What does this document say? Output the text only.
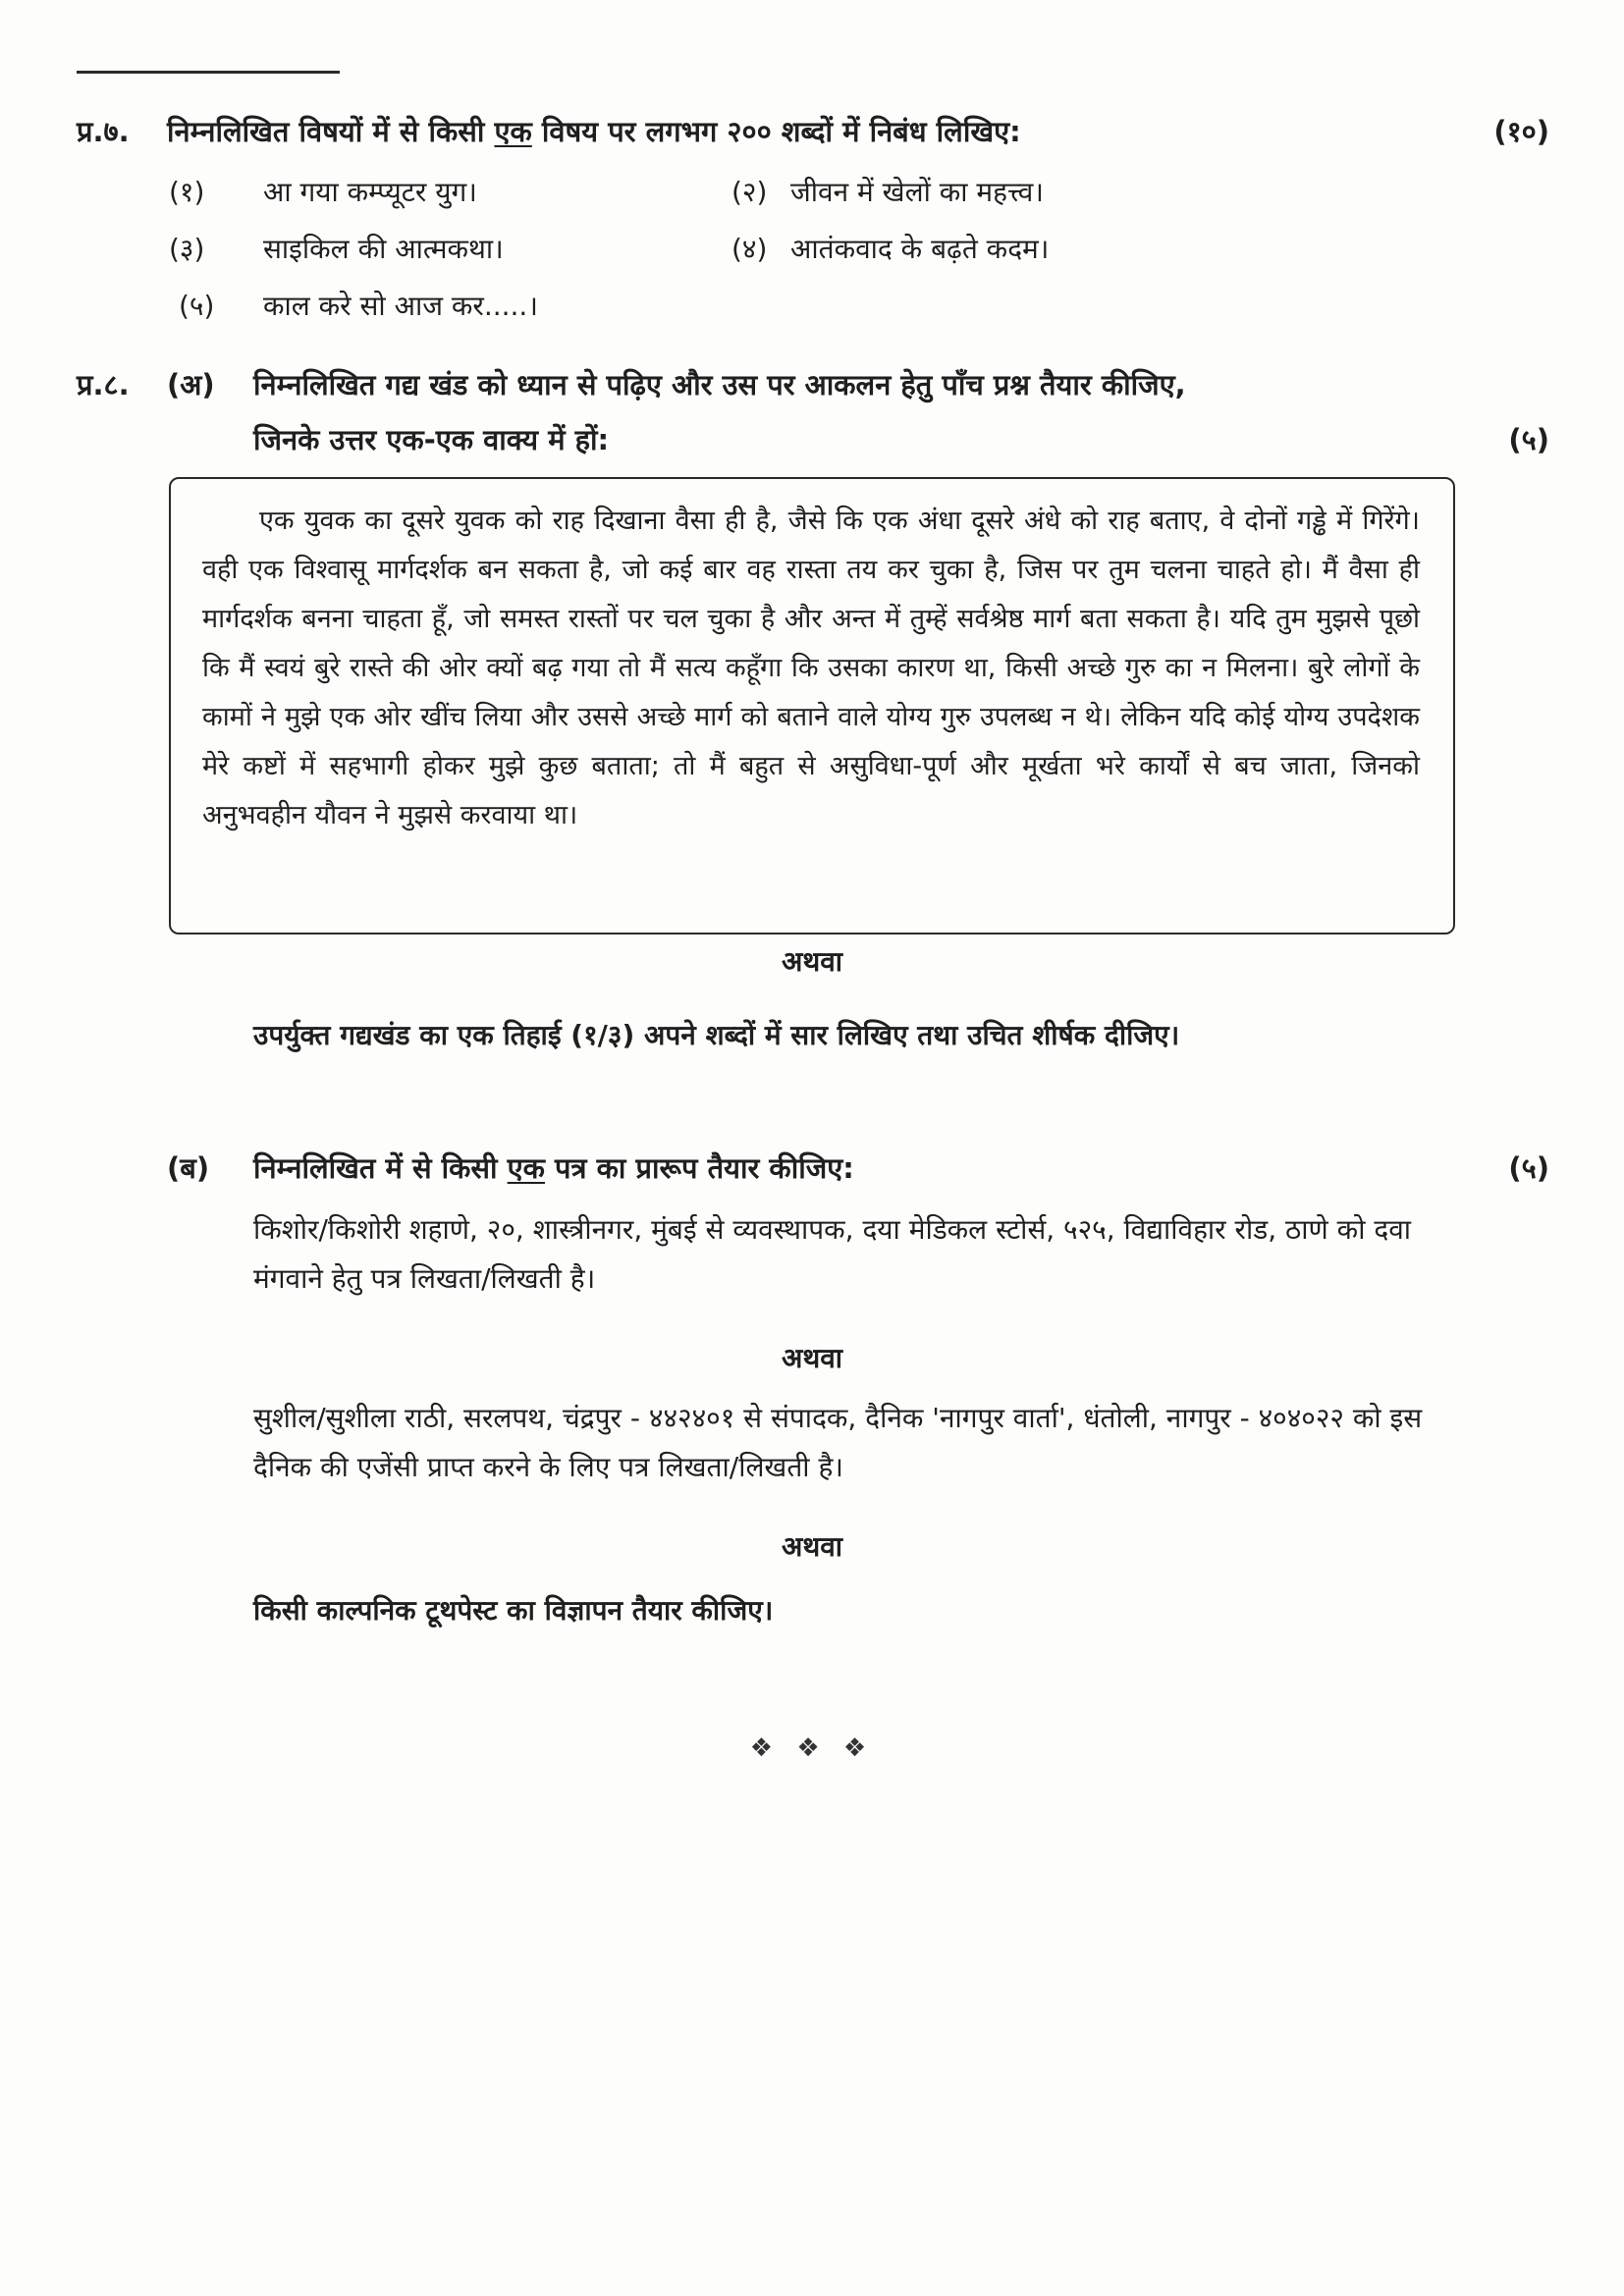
प्र.७.	निम्नलिखित विषयों में से किसी एक विषय पर लगभग २०० शब्दों में निबंध लिखिए:	(१०)
(१)	आ गया कम्प्यूटर युग।	(२) जीवन में खेलों का महत्त्व।
(३)	साइकिल की आत्मकथा।	(४) आतंकवाद के बढ़ते कदम।
(५)	काल करे सो आज कर.....।
प्र.८.	(अ)	निम्नलिखित गद्य खंड को ध्यान से पढ़िए और उस पर आकलन हेतु पाँच प्रश्न तैयार कीजिए,
जिनके उत्तर एक-एक वाक्य में हों:	(५)

एक युवक का दूसरे युवक को राह दिखाना वैसा ही है, जैसे कि एक अंधा दूसरे अंधे को राह बताए, वे दोनों गड्ढे में गिरेंगे। वही एक विश्वासू मार्गदर्शक बन सकता है, जो कई बार वह रास्ता तय कर चुका है, जिस पर तुम चलना चाहते हो। मैं वैसा ही मार्गदर्शक बनना चाहता हूँ, जो समस्त रास्तों पर चल चुका है और अन्त में तुम्हें सर्वश्रेष्ठ मार्ग बता सकता है। यदि तुम मुझसे पूछो कि मैं स्वयं बुरे रास्ते की ओर क्यों बढ़ गया तो मैं सत्य कहूँगा कि उसका कारण था, किसी अच्छे गुरु का न मिलना। बुरे लोगों के कामों ने मुझे एक ओर खींच लिया और उससे अच्छे मार्ग को बताने वाले योग्य गुरु उपलब्ध न थे। लेकिन यदि कोई योग्य उपदेशक मेरे कष्टों में सहभागी होकर मुझे कुछ बताता; तो मैं बहुत से असुविधा-पूर्ण और मूर्खता भरे कार्यों से बच जाता, जिनको अनुभवहीन यौवन ने मुझसे करवाया था।

अथवा

उपर्युक्त गद्यखंड का एक तिहाई (१/३) अपने शब्दों में सार लिखिए तथा उचित शीर्षक दीजिए।

(ब)	निम्नलिखित में से किसी एक पत्र का प्रारूप तैयार कीजिए:	(५)

किशोर/किशोरी शहाणे, २०, शास्त्रीनगर, मुंबई से व्यवस्थापक, दया मेडिकल स्टोर्स, ५२५, विद्याविहार रोड, ठाणे को दवा मंगवाने हेतु पत्र लिखता/लिखती है।

अथवा

सुशील/सुशीला राठी, सरलपथ, चंद्रपुर - ४४२४०१ से संपादक, दैनिक 'नागपुर वार्ता', धंतोली, नागपुर - ४०४०२२ को इस दैनिक की एजेंसी प्राप्त करने के लिए पत्र लिखता/लिखती है।

अथवा

किसी काल्पनिक टूथपेस्ट का विज्ञापन तैयार कीजिए।

❖ ❖ ❖
